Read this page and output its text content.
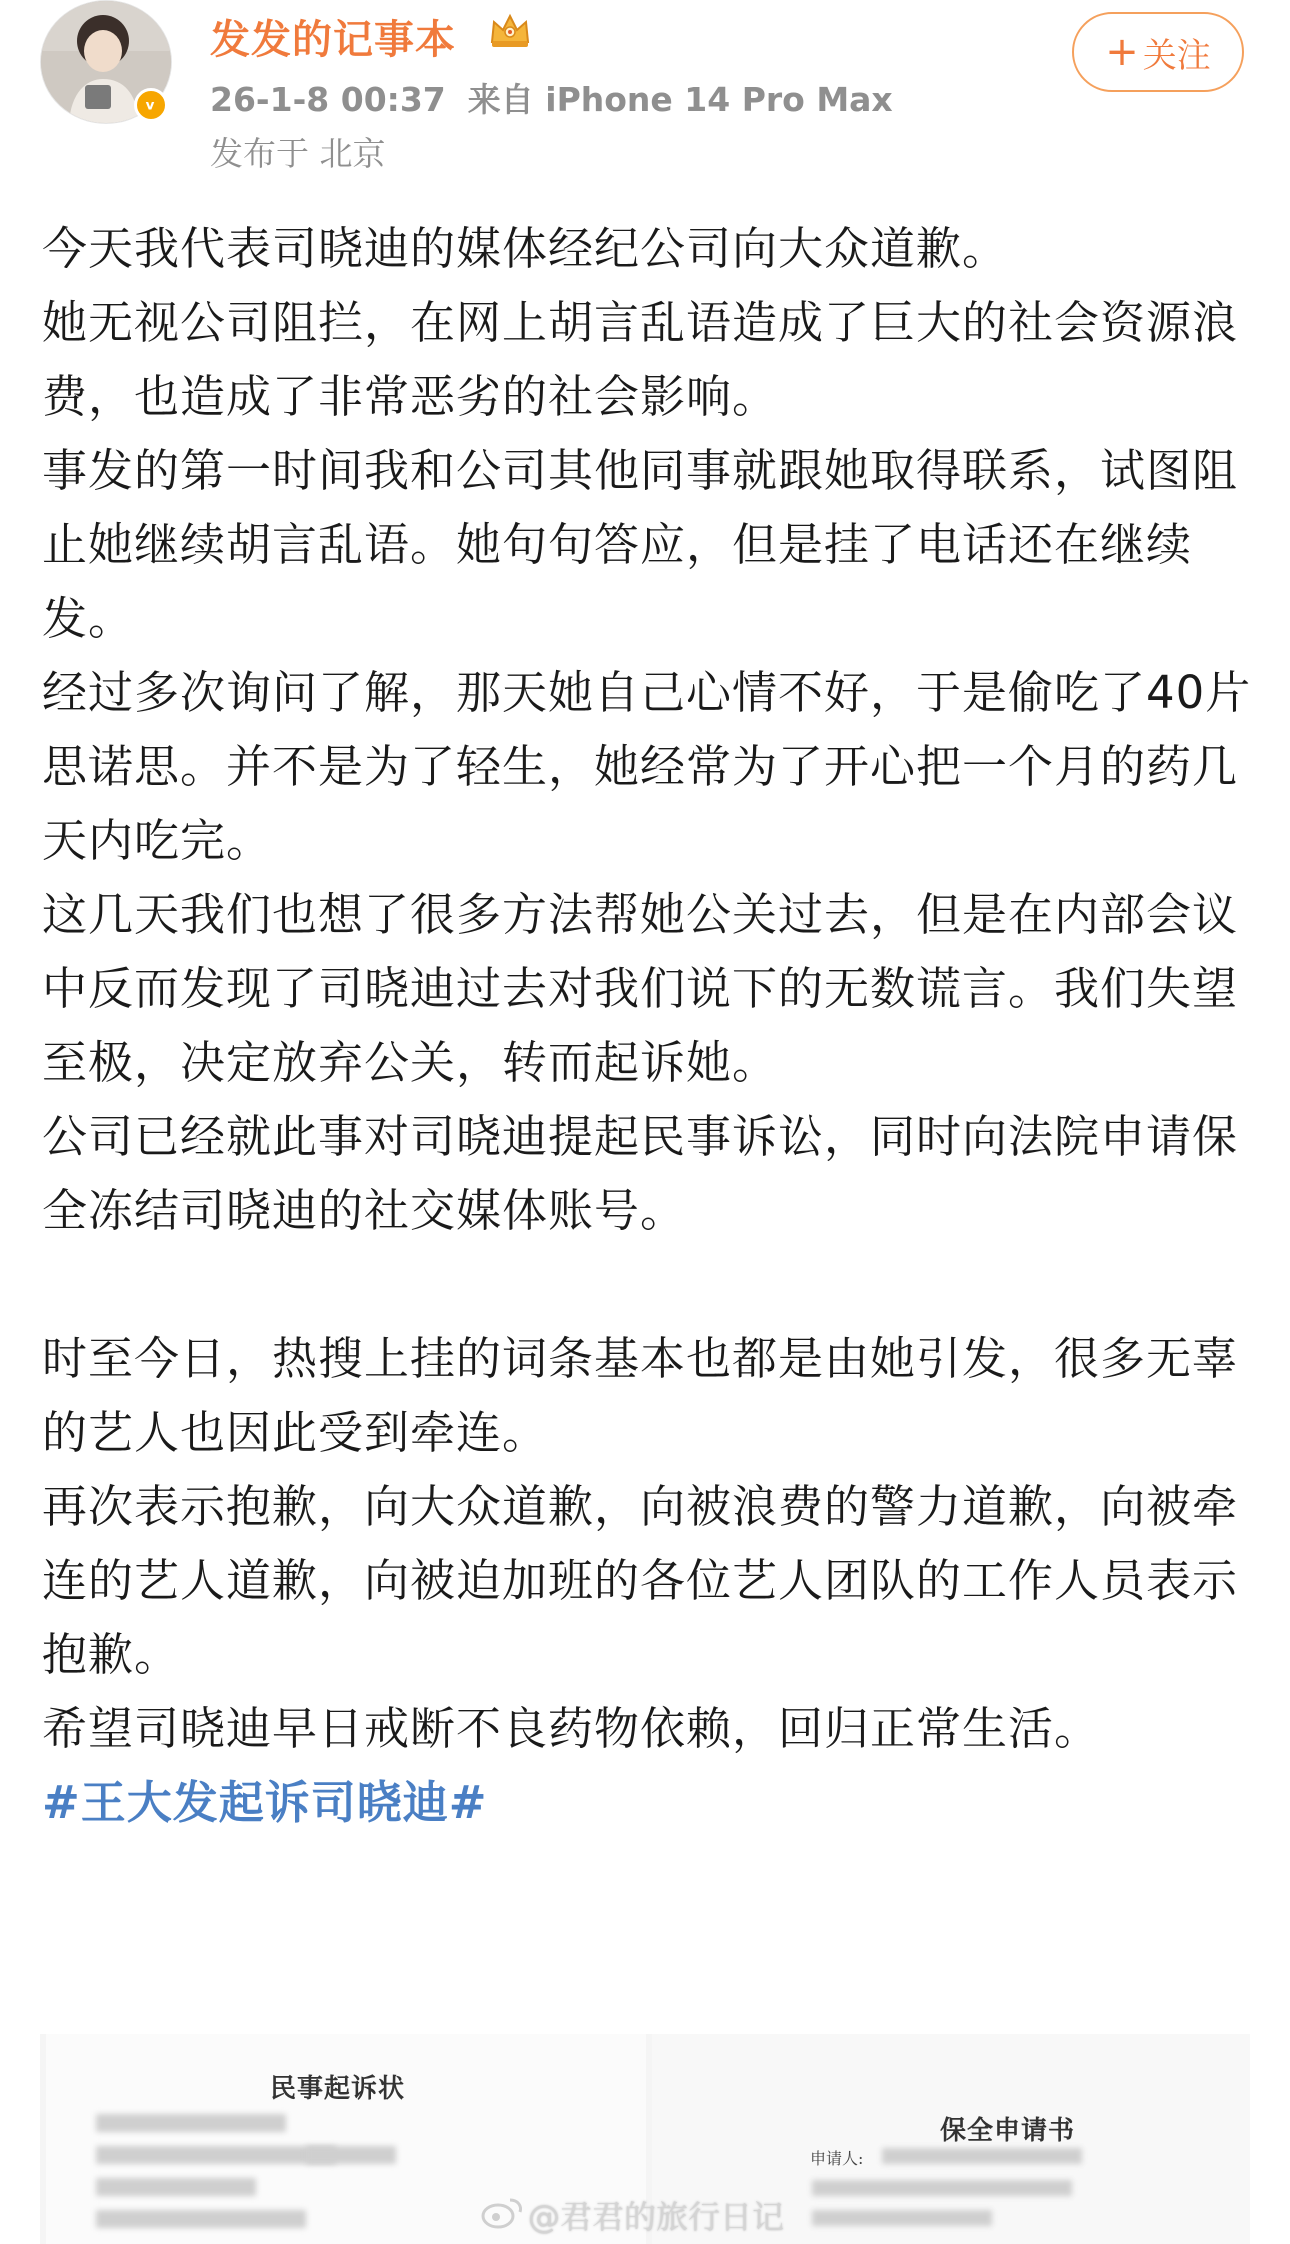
v
发发的记事本
26-1-8 00:37 来自 iPhone 14 Pro Max
发布于 北京
+ 关注

今天我代表司晓迪的媒体经纪公司向大众道歉。

她无视公司阻拦，在网上胡言乱语造成了巨大的社会资源浪费，也造成了非常恶劣的社会影响。

事发的第一时间我和公司其他同事就跟她取得联系，试图阻止她继续胡言乱语。她句句答应，但是挂了电话还在继续发。

经过多次询问了解，那天她自己心情不好，于是偷吃了40片思诺思。并不是为了轻生，她经常为了开心把一个月的药几天内吃完。

这几天我们也想了很多方法帮她公关过去，但是在内部会议中反而发现了司晓迪过去对我们说下的无数谎言。我们失望至极，决定放弃公关，转而起诉她。

公司已经就此事对司晓迪提起民事诉讼，同时向法院申请保全冻结司晓迪的社交媒体账号。

时至今日，热搜上挂的词条基本也都是由她引发，很多无辜的艺人也因此受到牵连。

再次表示抱歉，向大众道歉，向被浪费的警力道歉，向被牵连的艺人道歉，向被迫加班的各位艺人团队的工作人员表示抱歉。

希望司晓迪早日戒断不良药物依赖，回归正常生活。

#王大发起诉司晓迪#

民事起诉状
保全申请书
申请人:
@君君的旅行日记
